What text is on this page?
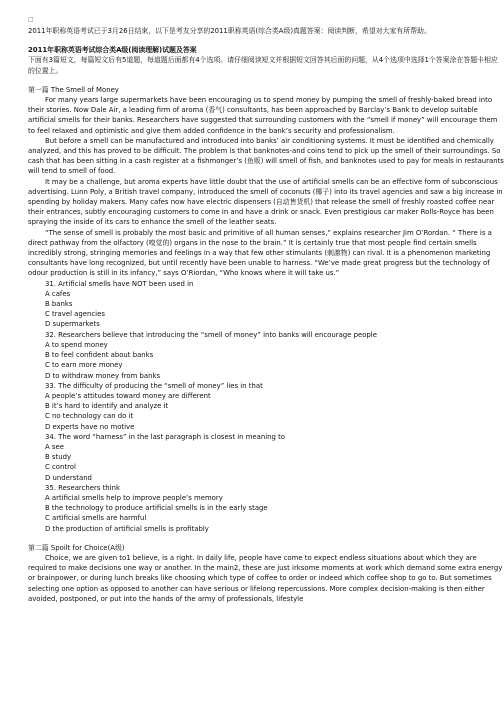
□

2011年职称英语考试已于3月26日结束，以下是考友分享的2011职称英语(综合类A级)真题答案：阅读判断，希望对大家有所帮助。

2011年职称英语考试综合类A级(阅读理解)试题及答案

下面有3篇短文，每篇短文后有5道题，每道题后面都有4个选项。请仔细阅读短文并根据短文回答其后面的问题，从4个选项中选择1个答案涂在答题卡相应的位置上。

第一篇 The Smell of Money

For many years large supermarkets have been encouraging us to spend money by pumping the smell of freshly-baked bread into their stories. Now Dale Air, a leading firm of aroma (香气) consultants, has been approached by Barclay’s Bank to develop suitable artificial smells for their banks. Researchers have suggested that surrounding customers with the “smell if money” will encourage them to feel relaxed and optimistic and give them added confidence in the bank’s security and professionalism.

But before a smell can be manufactured and introduced into banks’ air conditioning systems. It must be identified and chemically analyzed, and this has proved to be difficult. The problem is that banknotes-and coins tend to pick up the smell of their surroundings. So cash that has been sitting in a cash register at a fishmonger’s (鱼贩) will smell of fish, and banknotes used to pay for meals in restaurants will tend to smell of food.

It may be a challenge, but aroma experts have little doubt that the use of artificial smells can be an effective form of subconscious advertising. Lunn Poly, a British travel company, introduced the smell of coconuts (椰子) into its travel agencies and saw a big increase in spending by holiday makers. Many cafes now have electric dispensers (自动售货机) that release the smell of freshly roasted coffee near their entrances, subtly encouraging customers to come in and have a drink or snack. Even prestigious car maker Rolls-Royce has been spraying the inside of its cars to enhance the smell of the leather seats.

“The sense of smell is probably the most basic and primitive of all human senses,” explains researcher Jim O’Rordan. “ There is a direct pathway from the olfactory (嗅觉的) organs in the nose to the brain.” It is certainly true that most people find certain smells incredibly strong, stringing memories and feelings in a way that few other stimulants (刺激物) can rival. It is a phenomenon marketing consultants have long recognized, but until recently have been unable to harness. “We’ve made great progress but the technology of odour production is still in its infancy,” says O’Riordan, “Who knows where it will take us.”

31. Artificial smells have NOT been used in
A cafes
B banks
C travel agencies
D supermarkets
32. Researchers believe that introducing the “smell of money” into banks will encourage people
A to spend money
B to feel confident about banks
C to earn more money
D to withdraw money from banks
33. The difficulty of producing the “smell of money” lies in that
A people’s attitudes toward money are different
B it’s hard to identify and analyze it
C no technology can do it
D experts have no motive
34. The word “harness” in the last paragraph is closest in meaning to
A see
B study
C control
D understand
35. Researchers think
A artificial smells help to improve people’s memory
B the technology to produce artificial smells is in the early stage
C artificial smells are harmful
D the production of artificial smells is profitably

第二篇 Spoilt for Choice(A级)

Choice, we are given to1 believe, is a right. In daily life, people have come to expect endless situations about which they are required to make decisions one way or another. In the main2, these are just irksome moments at work which demand some extra energy or brainpower, or during lunch breaks like choosing which type of coffee to order or indeed which coffee shop to go to. But sometimes selecting one option as opposed to another can have serious or lifelong repercussions. More complex decision-making is then either avoided, postponed, or put into the hands of the army of professionals, lifestyle
